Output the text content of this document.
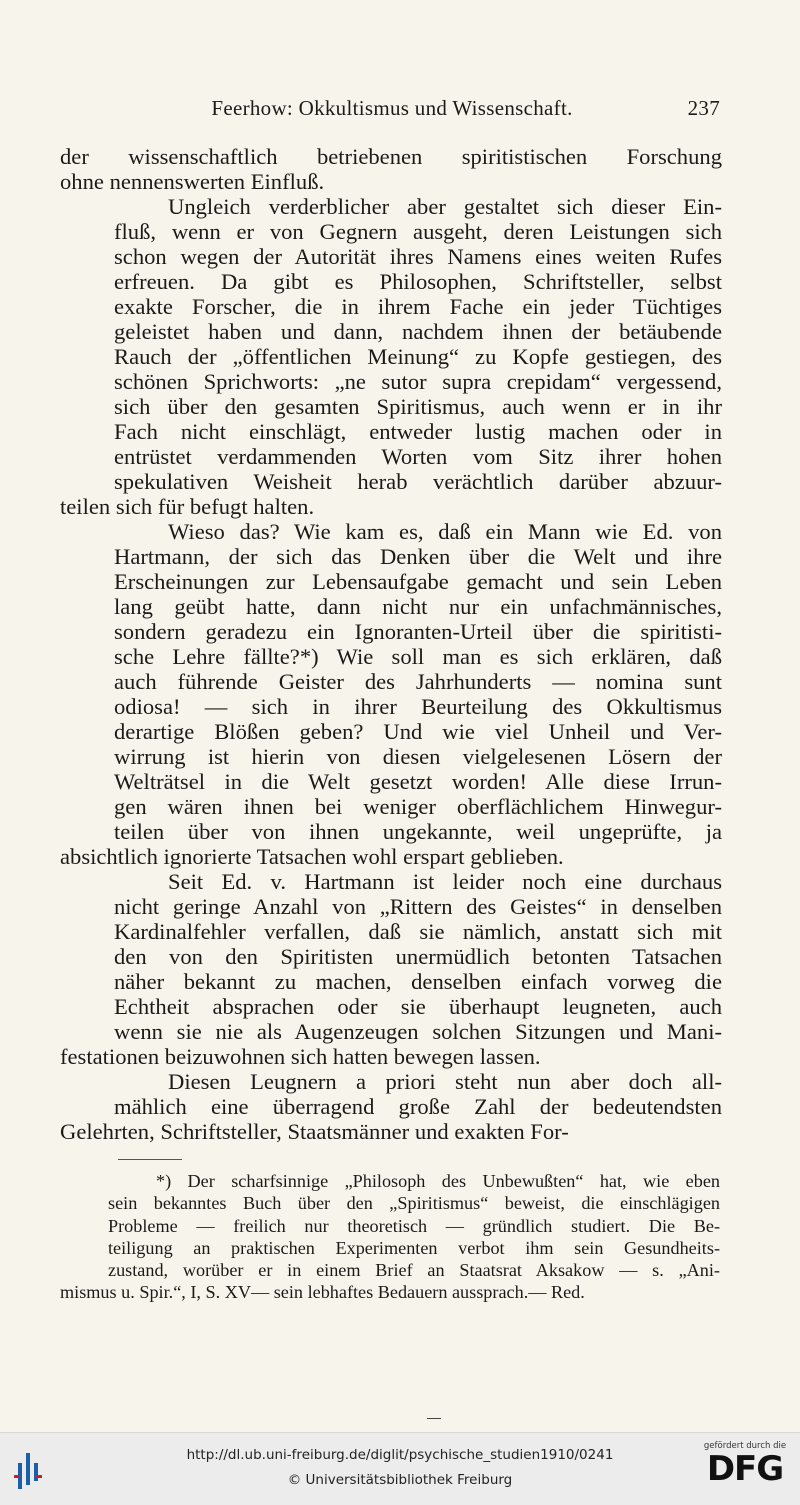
Feerhow: Okkultismus und Wissenschaft.	237

der wissenschaftlich betriebenen spiritistischen Forschung
ohne nennenswerten Einfluß.

Ungleich verderblicher aber gestaltet sich dieser Ein-
fluß, wenn er von Gegnern ausgeht, deren Leistungen sich
schon wegen der Autorität ihres Namens eines weiten Rufes
erfreuen. Da gibt es Philosophen, Schriftsteller, selbst
exakte Forscher, die in ihrem Fache ein jeder Tüchtiges
geleistet haben und dann, nachdem ihnen der betäubende
Rauch der „öffentlichen Meinung“ zu Kopfe gestiegen, des
schönen Sprichworts: „ne sutor supra crepidam“ vergessend,
sich über den gesamten Spiritismus, auch wenn er in ihr
Fach nicht einschlägt, entweder lustig machen oder in
entrüstet verdammenden Worten vom Sitz ihrer hohen
spekulativen Weisheit herab verächtlich darüber abzuur-
teilen sich für befugt halten.

Wieso das? Wie kam es, daß ein Mann wie Ed. von
Hartmann, der sich das Denken über die Welt und ihre
Erscheinungen zur Lebensaufgabe gemacht und sein Leben
lang geübt hatte, dann nicht nur ein unfachmännisches,
sondern geradezu ein Ignoranten-Urteil über die spiritisti-
sche Lehre fällte?*) Wie soll man es sich erklären, daß
auch führende Geister des Jahrhunderts — nomina sunt
odiosa! — sich in ihrer Beurteilung des Okkultismus
derartige Blößen geben? Und wie viel Unheil und Ver-
wirrung ist hierin von diesen vielgelesenen Lösern der
Welträtsel in die Welt gesetzt worden! Alle diese Irrun-
gen wären ihnen bei weniger oberflächlichem Hinwegur-
teilen über von ihnen ungekannte, weil ungeprüfte, ja
absichtlich ignorierte Tatsachen wohl erspart geblieben.

Seit Ed. v. Hartmann ist leider noch eine durchaus
nicht geringe Anzahl von „Rittern des Geistes“ in denselben
Kardinalfehler verfallen, daß sie nämlich, anstatt sich mit
den von den Spiritisten unermüdlich betonten Tatsachen
näher bekannt zu machen, denselben einfach vorweg die
Echtheit absprachen oder sie überhaupt leugneten, auch
wenn sie nie als Augenzeugen solchen Sitzungen und Mani-
festationen beizuwohnen sich hatten bewegen lassen.

Diesen Leugnern a priori steht nun aber doch all-
mählich eine überragend große Zahl der bedeutendsten
Gelehrten, Schriftsteller, Staatsmänner und exakten For-

*) Der scharfsinnige „Philosoph des Unbewußten“ hat, wie eben
sein bekanntes Buch über den „Spiritismus“ beweist, die einschlägigen
Probleme — freilich nur theoretisch — gründlich studiert. Die Be-
teiligung an praktischen Experimenten verbot ihm sein Gesundheits-
zustand, worüber er in einem Brief an Staatsrat Aksakow — s. „Ani-
mismus u. Spir.“, I, S. XV— sein lebhaftes Bedauern aussprach.— Red.

http://dl.ub.uni-freiburg.de/diglit/psychische_studien1910/0241
© Universitätsbibliothek Freiburg
gefördert durch die
DFG
